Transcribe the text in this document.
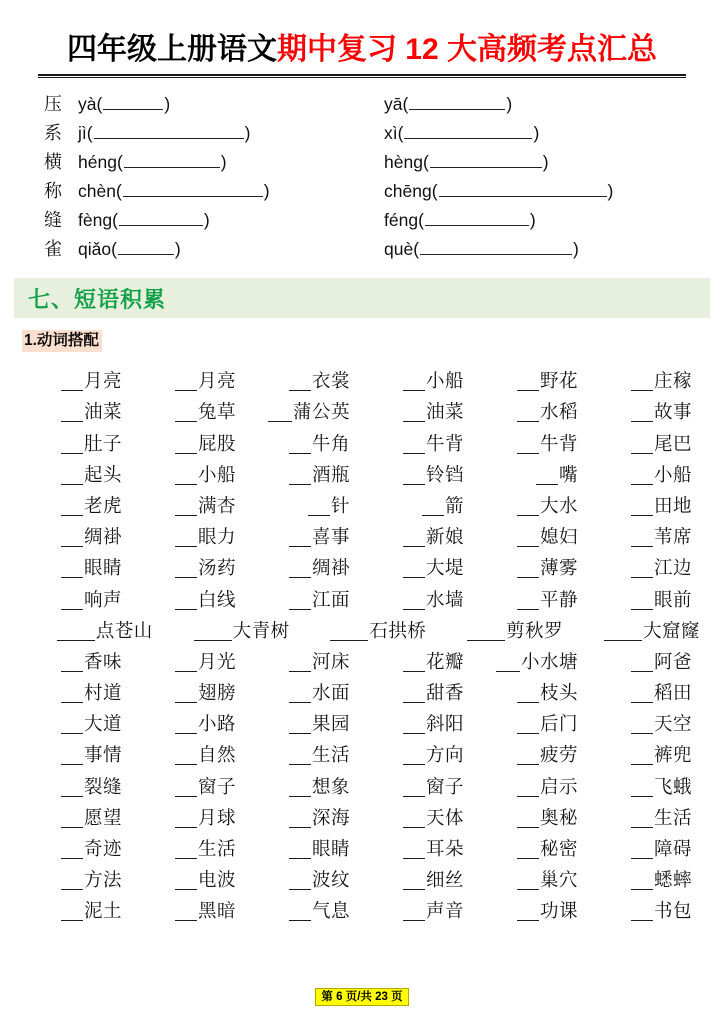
四年级上册语文期中复习 12 大高频考点汇总
压 yà (	)	yā (	)
系 jì (	)	xì (	)
横 héng (	)	hèng (	)
称 chèn (	)	chēng (	)
缝 fèng (	)	féng (	)
雀 qiǎo (	)	què (	)
七、短语积累
1.动词搭配
月亮	月亮	衣裳	小船	野花	庄稼
油菜	兔草	蒲公英	油菜	水稻	故事
肚子	屁股	牛角	牛背	牛背	尾巴
起头	小船	酒瓶	铃铛	嘴	小船
老虎	满杏	针	箭	大水	田地
绸褂	眼力	喜事	新娘	媳妇	苇席
眼睛	汤药	绸褂	大堤	薄雾	江边
响声	白线	江面	水墙	平静	眼前
点苍山	大青树	石拱桥	剪秋罗	大窟窿
香味	月光	河床	花瓣	小水塘	阿爸
村道	翅膀	水面	甜香	枝头	稻田
大道	小路	果园	斜阳	后门	天空
事情	自然	生活	方向	疲劳	裤兜
裂缝	窗子	想象	窗子	启示	飞蛾
愿望	月球	深海	天体	奥秘	生活
奇迹	生活	眼睛	耳朵	秘密	障碍
方法	电波	波纹	细丝	巢穴	蟋蟀
泥土	黑暗	气息	声音	功课	书包
第 6 页/共 23 页
